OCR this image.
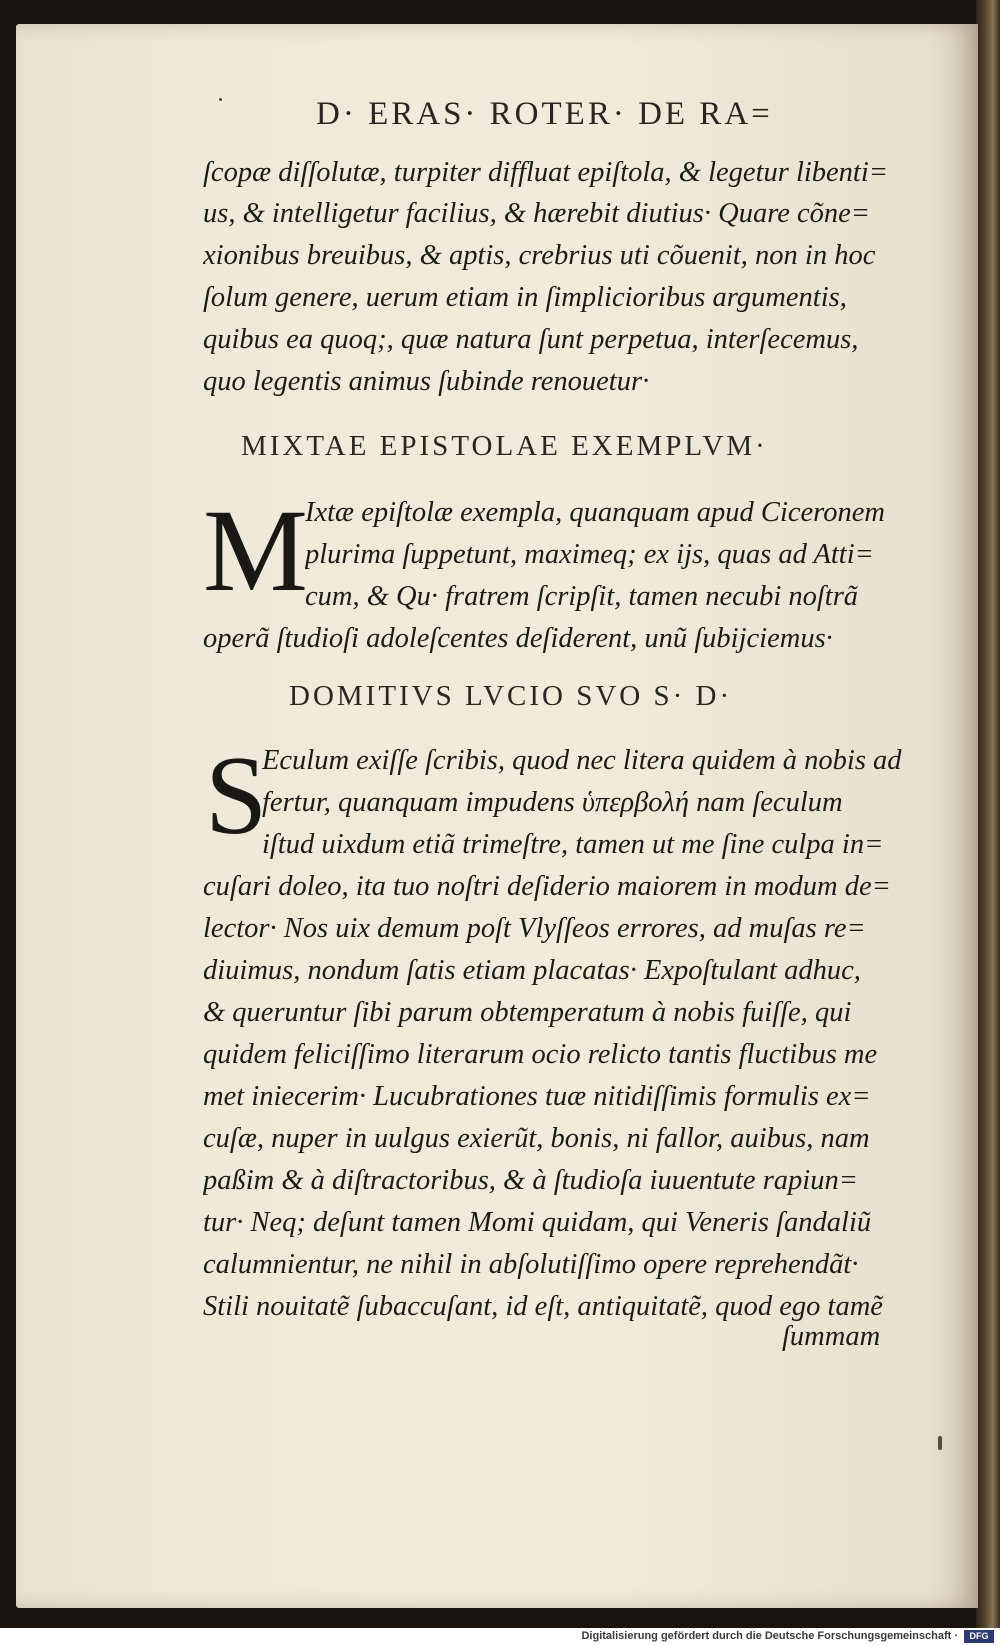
D· ERAS· ROTER· DE RA=
ſcopæ diſſolutæ, turpiter diffluat epiſtola, & legetur libenti=
us, & intelligetur facilius, & hærebit diutius· Quare cõne=
xionibus breuibus, & aptis, crebrius uti cõuenit, non in hoc
ſolum genere, uerum etiam in ſimplicioribus argumentis,
quibus ea quoq;, quæ natura ſunt perpetua, interſecemus,
quo legentis animus ſubinde renouetur·
MIXTAE EPISTOLAE EXEMPLVM·
M
Ixtæ epiſtolæ exempla, quanquam apud Ciceronem
plurima ſuppetunt, maximeq; ex ijs, quas ad Atti=
cum, & Qu· fratrem ſcripſit, tamen necubi noſtrã
operã ſtudioſi adoleſcentes deſiderent, unũ ſubijciemus·
DOMITIVS LVCIO SVO S· D·
S
Eculum exiſſe ſcribis, quod nec litera quidem à nobis ad
fertur, quanquam impudens ὑπερβολή nam ſeculum
iſtud uixdum etiã trimeſtre, tamen ut me ſine culpa in=
cuſari doleo, ita tuo noſtri deſiderio maiorem in modum de=
lector· Nos uix demum poſt Vlyſſeos errores, ad muſas re=
diuimus, nondum ſatis etiam placatas· Expoſtulant adhuc,
& queruntur ſibi parum obtemperatum à nobis fuiſſe, qui
quidem feliciſſimo literarum ocio relicto tantis fluctibus me
met iniecerim· Lucubrationes tuæ nitidiſſimis formulis ex=
cuſæ, nuper in uulgus exierũt, bonis, ni fallor, auibus, nam
paßim & à diſtractoribus, & à ſtudioſa iuuentute rapiun=
tur· Neq; deſunt tamen Momi quidam, qui Veneris ſandaliũ
calumnientur, ne nihil in abſolutiſſimo opere reprehendãt·
Stili nouitatẽ ſubaccuſant, id eſt, antiquitatẽ, quod ego tamẽ
ſummam
Digitalisierung gefördert durch die Deutsche Forschungsgemeinschaft ·	DFG
